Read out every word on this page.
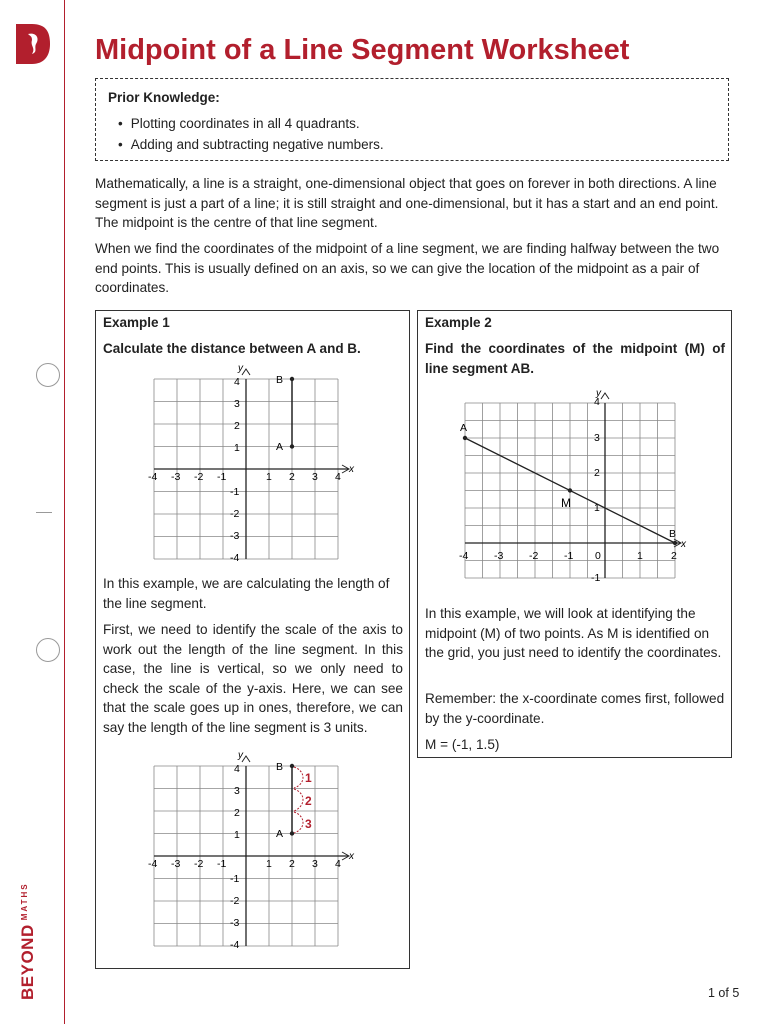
$BEYOND^{MATHS}$
Midpoint of a Line Segment Worksheet
Prior Knowledge:
• Plotting coordinates in all 4 quadrants.
• Adding and subtracting negative numbers.

Mathematically, a line is a straight, one-dimensional object that goes on forever in both directions. A line segment is just a part of a line; it is still straight and one-dimensional, but it has a start and an end point. The midpoint is the centre of that line segment.

When we find the coordinates of the midpoint of a line segment, we are finding halfway between the two end points. This is usually defined on an axis, so we can give the location of the midpoint as a pair of coordinates.

Example 1
Calculate the distance between A and B.
y
x
-4 -3 -2 -1	1 2 3 4
4
3
2
1
-1
-2
-3
-4
B
A

In this example, we are calculating the length of the line segment.

First, we need to identify the scale of the axis to work out the length of the line segment. In this case, the line is vertical, so we only need to check the scale of the y-axis. Here, we can see that the scale goes up in ones, therefore, we can say the length of the line segment is 3 units.

y
x
-4 -3 -2 -1	1 2 3 4
4
3
2
1
-1
-2
-3
-4
B
A
1
2
3
Example 2
Find the coordinates of the midpoint (M) of line segment AB.
y
x
-4 -3 -2 -1 0	1	2
4
3
2
1
-1
A
B
M

In this example, we will look at identifying the midpoint (M) of two points. As M is identified on the grid, you just need to identify the coordinates.

Remember: the x-coordinate comes first, followed by the y-coordinate.

M = (-1, 1.5)

1 of 5
